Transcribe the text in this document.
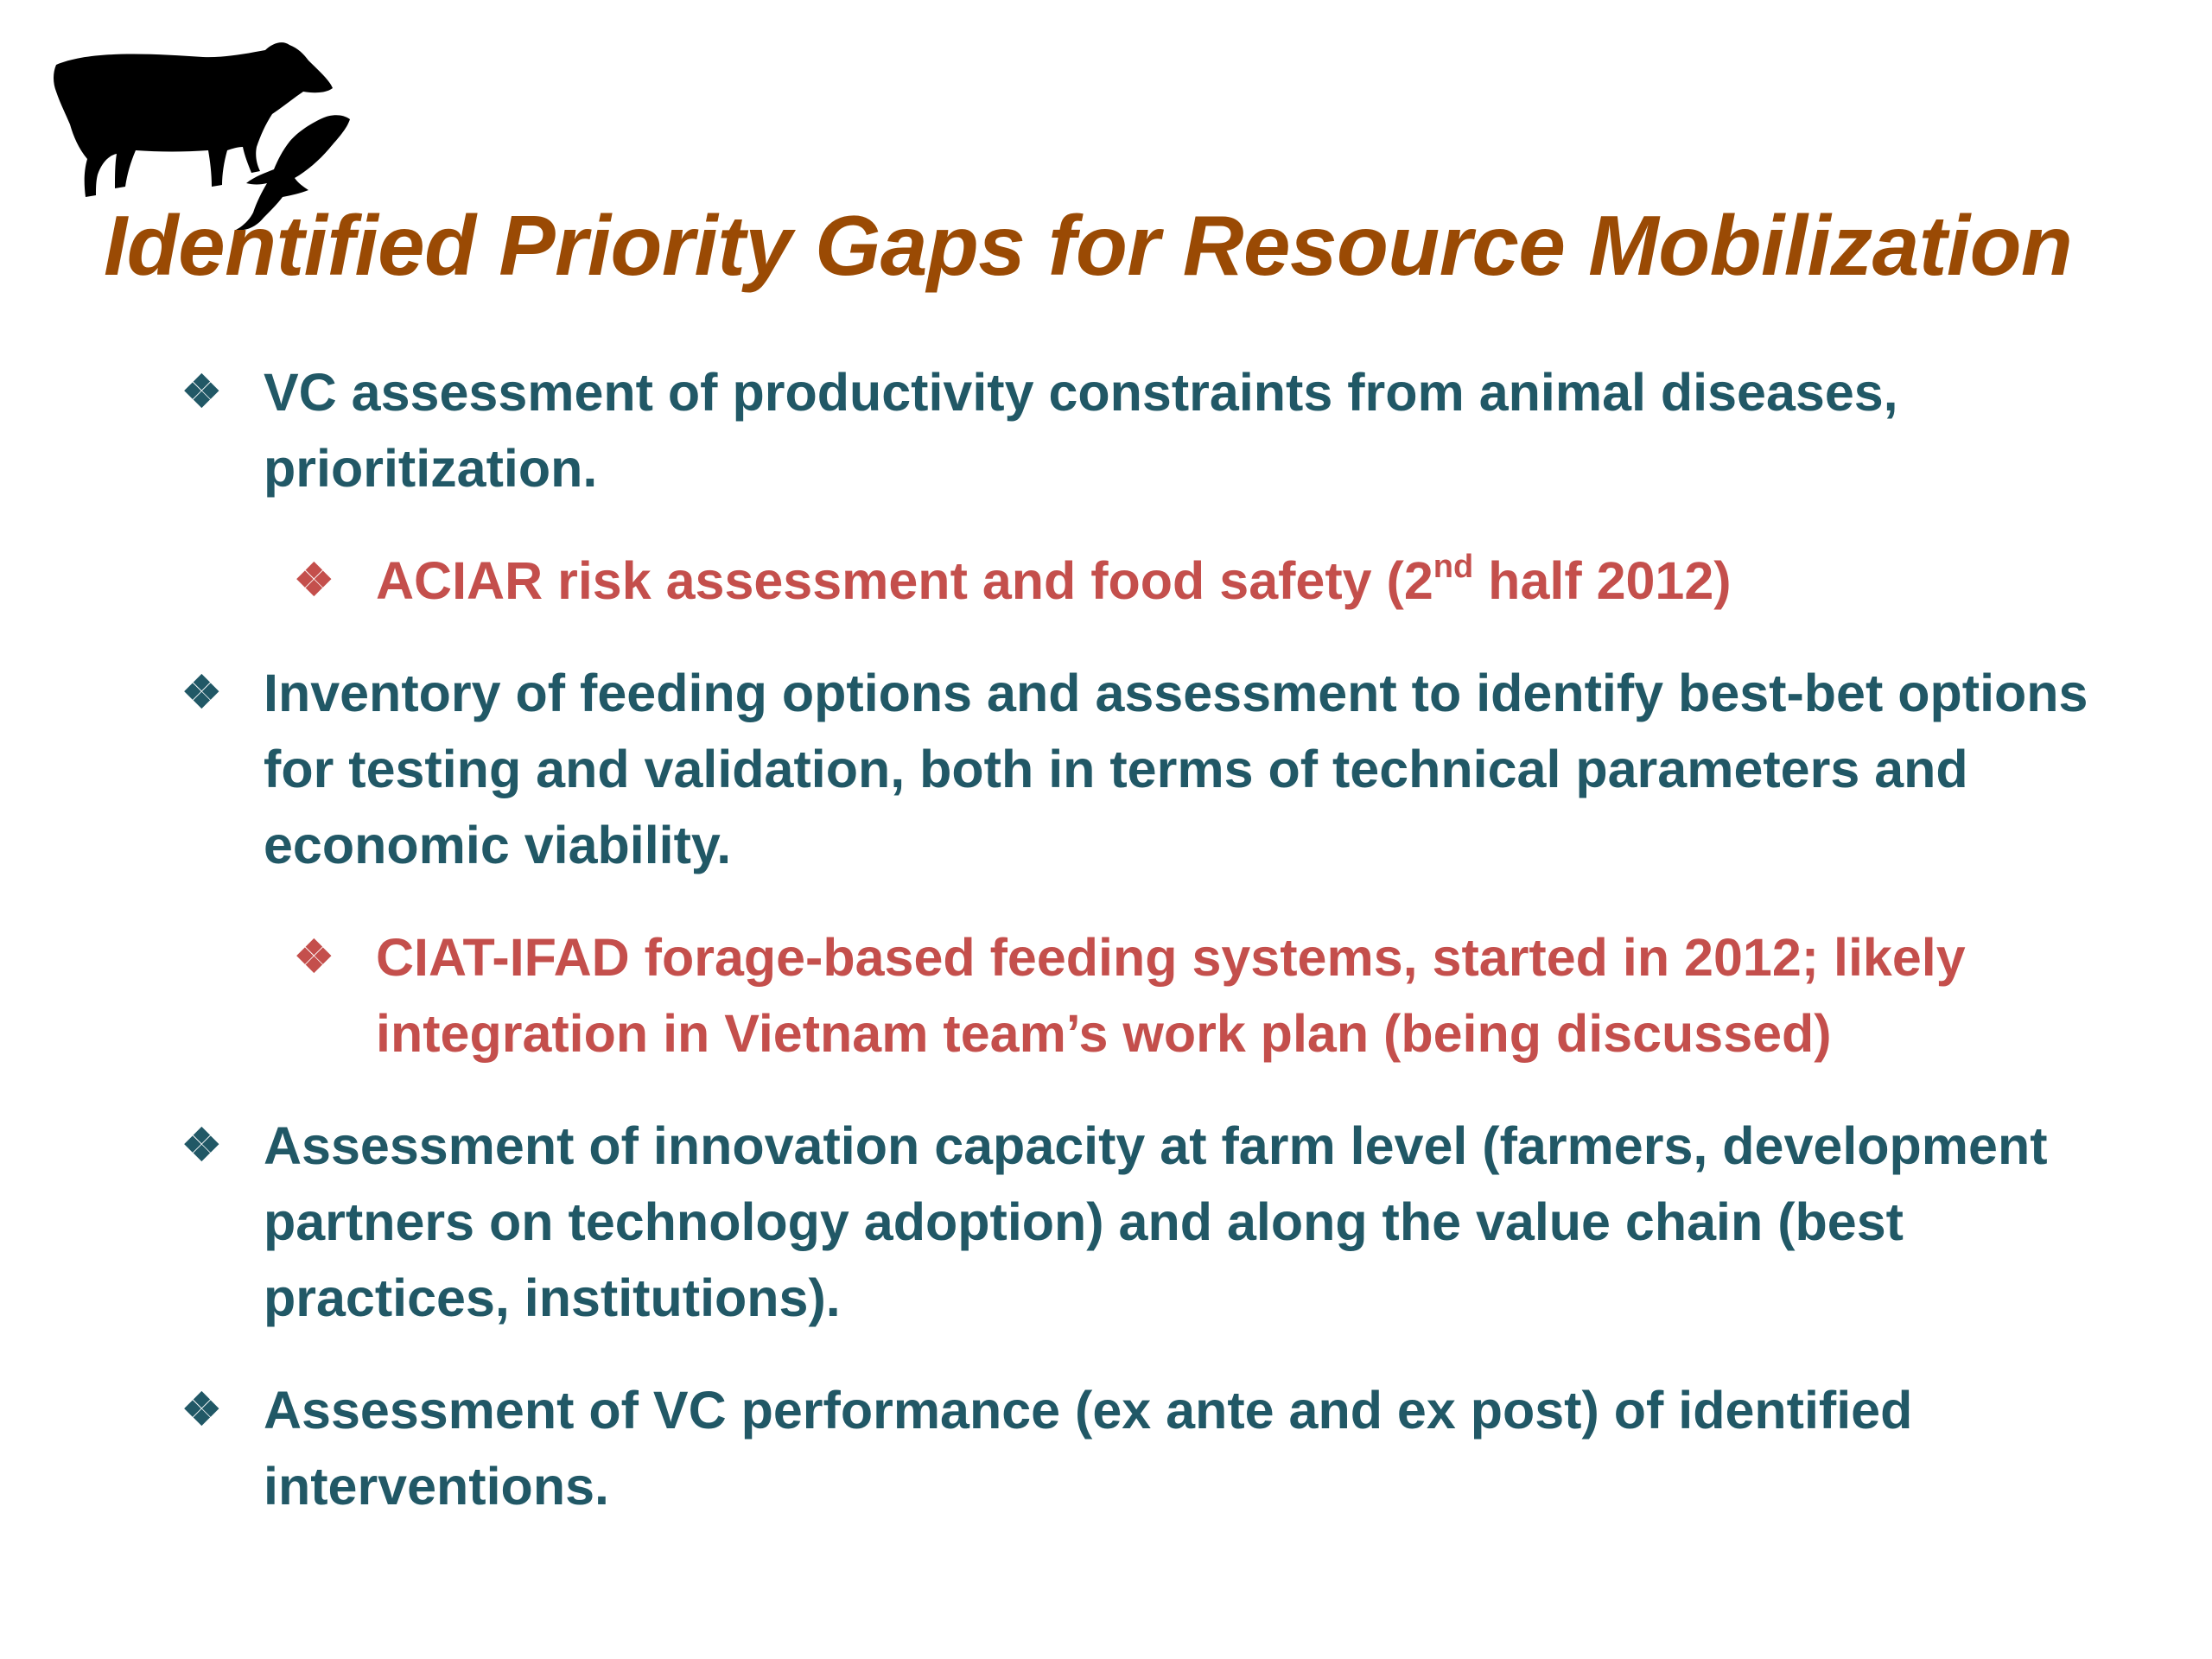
Identified Priority Gaps for Resource Mobilization
❖ VC assessment of productivity constraints from animal diseases, prioritization.
❖ ACIAR risk assessment and food safety (2nd half 2012)
❖ Inventory of feeding options and assessment to identify best-bet options for testing and validation, both in terms of technical parameters and economic viability.
❖ CIAT-IFAD forage-based feeding systems, started in 2012; likely integration in Vietnam team’s work plan (being discussed)
❖ Assessment of innovation capacity at farm level (farmers, development partners on technology adoption) and along the value chain (best practices, institutions).
❖ Assessment of VC performance (ex ante and ex post) of identified interventions.
